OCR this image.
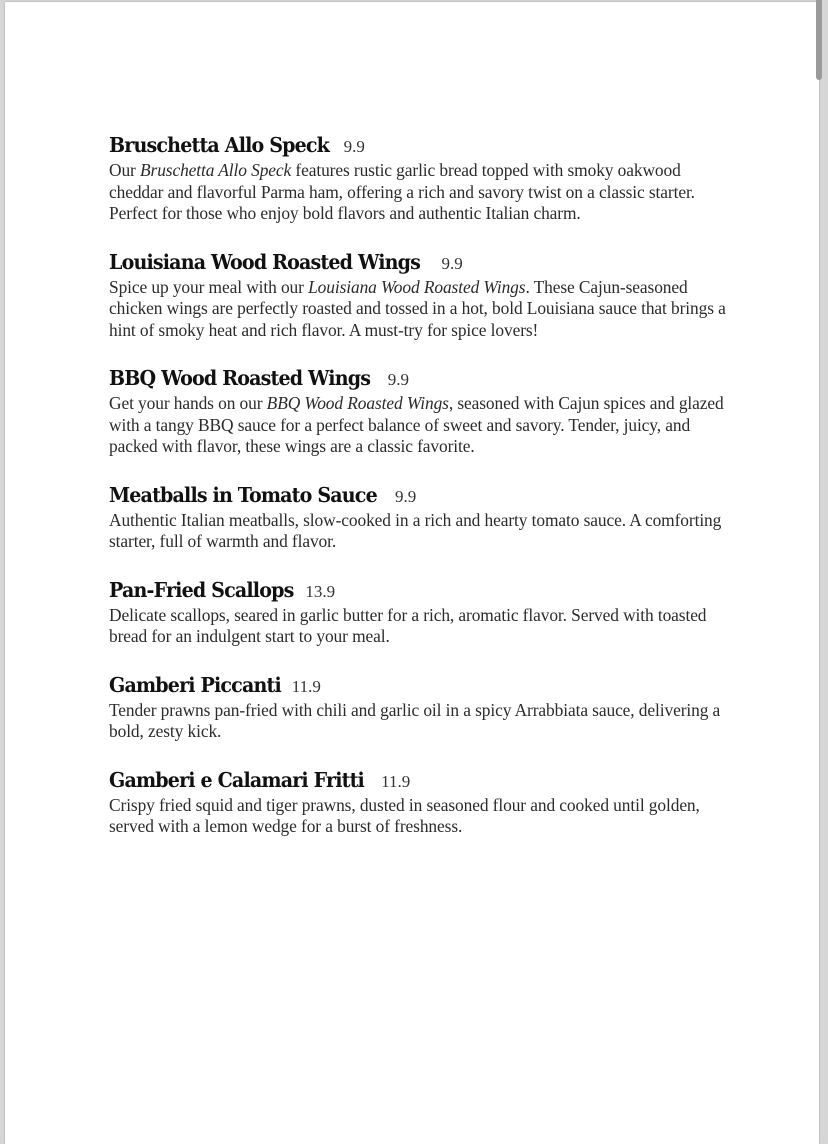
Bruschetta Allo Speck 9.9

Our Bruschetta Allo Speck features rustic garlic bread topped with smoky oakwood cheddar and flavorful Parma ham, offering a rich and savory twist on a classic starter. Perfect for those who enjoy bold flavors and authentic Italian charm.

Louisiana Wood Roasted Wings 9.9

Spice up your meal with our Louisiana Wood Roasted Wings. These Cajun-seasoned chicken wings are perfectly roasted and tossed in a hot, bold Louisiana sauce that brings a hint of smoky heat and rich flavor. A must-try for spice lovers!

BBQ Wood Roasted Wings 9.9

Get your hands on our BBQ Wood Roasted Wings, seasoned with Cajun spices and glazed with a tangy BBQ sauce for a perfect balance of sweet and savory. Tender, juicy, and packed with flavor, these wings are a classic favorite.

Meatballs in Tomato Sauce 9.9

Authentic Italian meatballs, slow-cooked in a rich and hearty tomato sauce. A comforting starter, full of warmth and flavor.

Pan-Fried Scallops 13.9

Delicate scallops, seared in garlic butter for a rich, aromatic flavor. Served with toasted bread for an indulgent start to your meal.

Gamberi Piccanti 11.9

Tender prawns pan-fried with chili and garlic oil in a spicy Arrabbiata sauce, delivering a bold, zesty kick.

Gamberi e Calamari Fritti 11.9

Crispy fried squid and tiger prawns, dusted in seasoned flour and cooked until golden, served with a lemon wedge for a burst of freshness.
